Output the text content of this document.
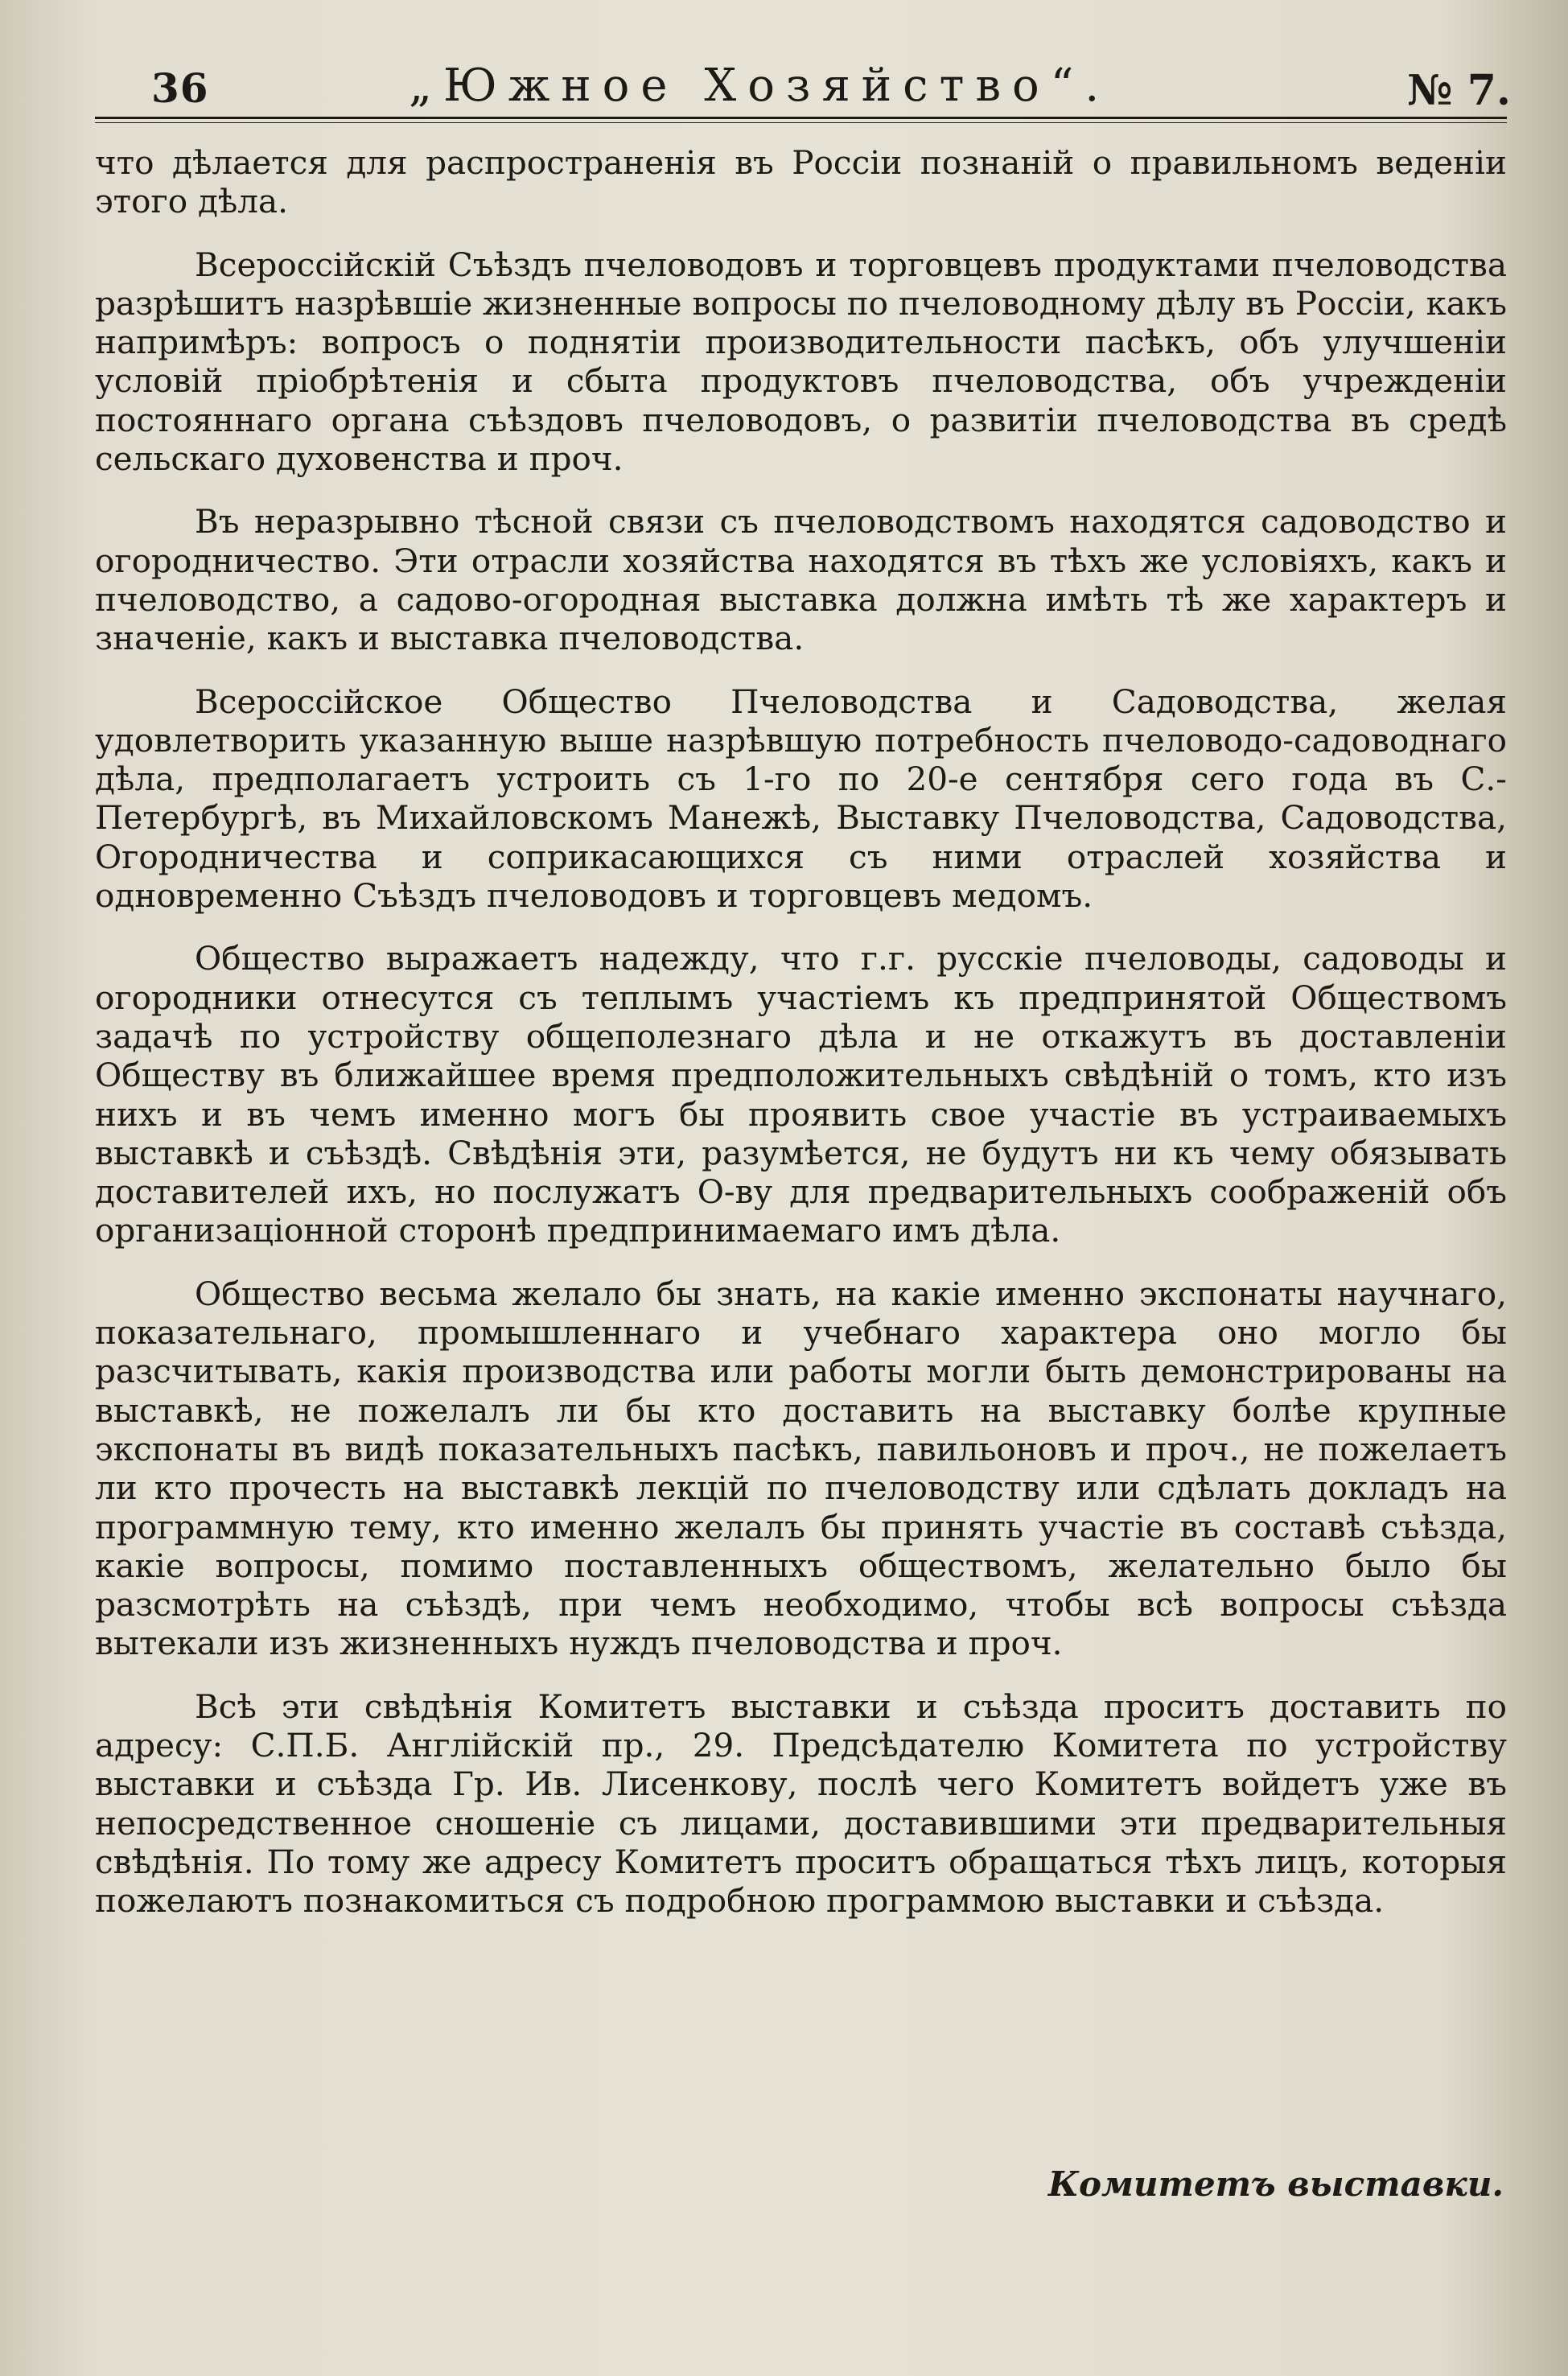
36	„Южное Хозяйство“.	№ 7.

что дѣлается для распространенія въ Россіи познаній о правильномъ веденіи этого дѣла.

Всероссійскій Съѣздъ пчеловодовъ и торговцевъ продуктами пчеловодства разрѣшитъ назрѣвшіе жизненные вопросы по пчеловодному дѣлу въ Россіи, какъ напримѣръ: вопросъ о поднятіи производительности пасѣкъ, объ улучшеніи условій пріобрѣтенія и сбыта продуктовъ пчеловодства, объ учрежденіи постояннаго органа съѣздовъ пчеловодовъ, о развитіи пчеловодства въ средѣ сельскаго духовенства и проч.

Въ неразрывно тѣсной связи съ пчеловодствомъ находятся садоводство и огородничество. Эти отрасли хозяйства находятся въ тѣхъ же условіяхъ, какъ и пчеловодство, а садово-огородная выставка должна имѣть тѣ же характеръ и значеніе, какъ и выставка пчеловодства.

Всероссійское Общество Пчеловодства и Садоводства, желая удовлетворить указанную выше назрѣвшую потребность пчеловодо-садоводнаго дѣла, предполагаетъ устроить съ 1-го по 20-е сентября сего года въ С.-Петербургѣ, въ Михайловскомъ Манежѣ, Выставку Пчеловодства, Садоводства, Огородничества и соприкасающихся съ ними отраслей хозяйства и одновременно Съѣздъ пчеловодовъ и торговцевъ медомъ.

Общество выражаетъ надежду, что г.г. русскіе пчеловоды, садоводы и огородники отнесутся съ теплымъ участіемъ къ предпринятой Обществомъ задачѣ по устройству общеполезнаго дѣла и не откажутъ въ доставленіи Обществу въ ближайшее время предположительныхъ свѣдѣній о томъ, кто изъ нихъ и въ чемъ именно могъ бы проявить свое участіе въ устраиваемыхъ выставкѣ и съѣздѣ. Свѣдѣнія эти, разумѣется, не будутъ ни къ чему обязывать доставителей ихъ, но послужатъ О-ву для предварительныхъ соображеній объ организаціонной сторонѣ предпринимаемаго имъ дѣла.

Общество весьма желало бы знать, на какіе именно экспонаты научнаго, показательнаго, промышленнаго и учебнаго характера оно могло бы разсчитывать, какія производства или работы могли быть демонстрированы на выставкѣ, не пожелалъ ли бы кто доставить на выставку болѣе крупные экспонаты въ видѣ показательныхъ пасѣкъ, павильоновъ и проч., не пожелаетъ ли кто прочесть на выставкѣ лекцій по пчеловодству или сдѣлать докладъ на программную тему, кто именно желалъ бы принять участіе въ составѣ съѣзда, какіе вопросы, помимо поставленныхъ обществомъ, желательно было бы разсмотрѣть на съѣздѣ, при чемъ необходимо, чтобы всѣ вопросы съѣзда вытекали изъ жизненныхъ нуждъ пчеловодства и проч.

Всѣ эти свѣдѣнія Комитетъ выставки и съѣзда проситъ доставить по адресу: С.П.Б. Англійскій пр., 29. Предсѣдателю Комитета по устройству выставки и съѣзда Гр. Ив. Лисенкову, послѣ чего Комитетъ войдетъ уже въ непосредственное сношеніе съ лицами, доставившими эти предварительныя свѣдѣнія. По тому же адресу Комитетъ проситъ обращаться тѣхъ лицъ, которыя пожелаютъ познакомиться съ подробною программою выставки и съѣзда.

Комитетъ выставки.
